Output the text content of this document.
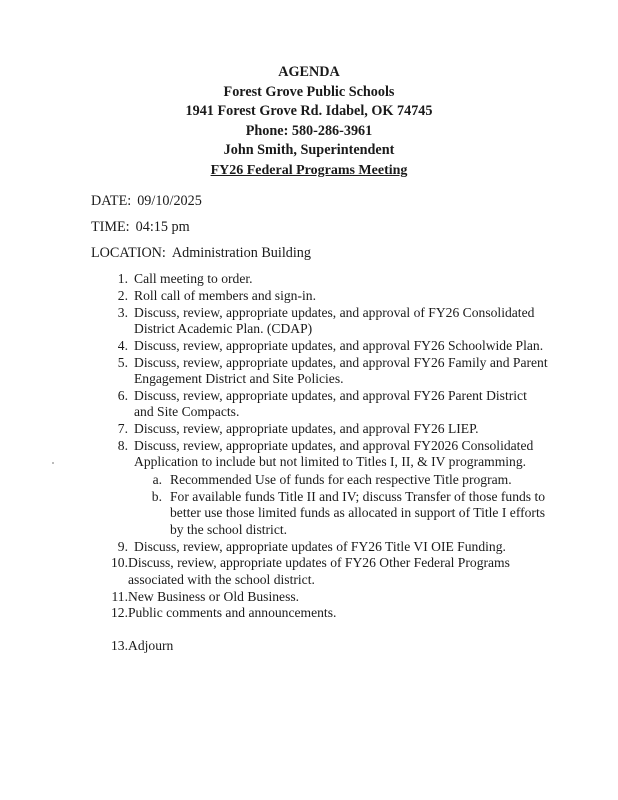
AGENDA
Forest Grove Public Schools
1941 Forest Grove Rd. Idabel, OK 74745
Phone: 580-286-3961
John Smith, Superintendent
FY26 Federal Programs Meeting
DATE: 09/10/2025
TIME: 04:15 pm
LOCATION: Administration Building
1. Call meeting to order.
2. Roll call of members and sign-in.
3. Discuss, review, appropriate updates, and approval of FY26 Consolidated District Academic Plan. (CDAP)
4. Discuss, review, appropriate updates, and approval FY26 Schoolwide Plan.
5. Discuss, review, appropriate updates, and approval FY26 Family and Parent Engagement District and Site Policies.
6. Discuss, review, appropriate updates, and approval FY26 Parent District and Site Compacts.
7. Discuss, review, appropriate updates, and approval FY26 LIEP.
8. Discuss, review, appropriate updates, and approval FY2026 Consolidated Application to include but not limited to Titles I, II, & IV programming.
a. Recommended Use of funds for each respective Title program.
b. For available funds Title II and IV; discuss Transfer of those funds to better use those limited funds as allocated in support of Title I efforts by the school district.
9. Discuss, review, appropriate updates of FY26 Title VI OIE Funding.
10. Discuss, review, appropriate updates of FY26 Other Federal Programs associated with the school district.
11. New Business or Old Business.
12. Public comments and announcements.
13. Adjourn
